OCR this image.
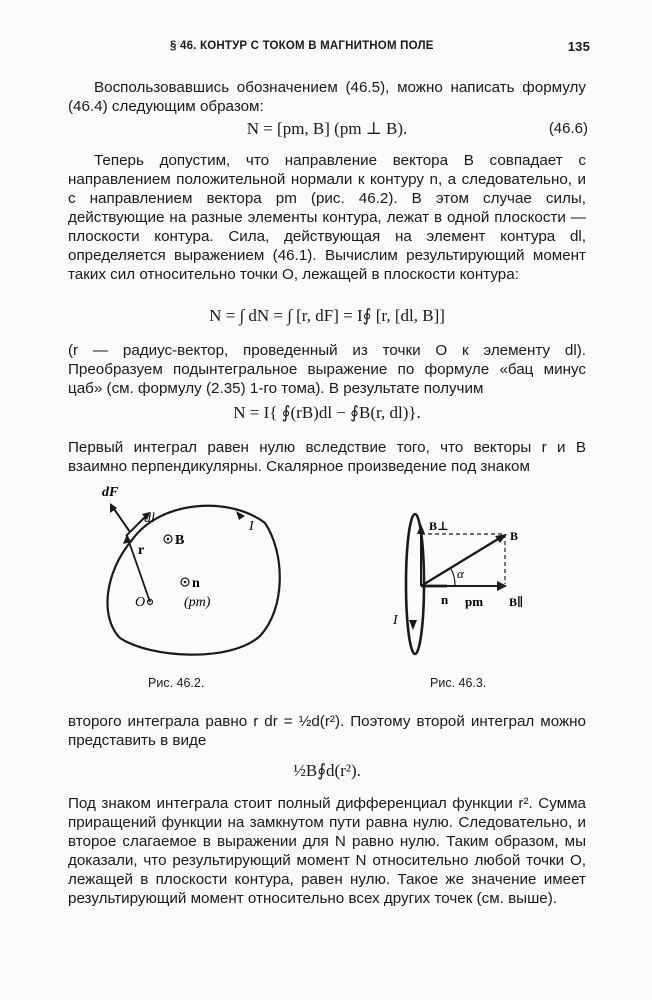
§ 46. КОНТУР С ТОКОМ В МАГНИТНОМ ПОЛЕ	135

Воспользовавшись обозначением (46.5), можно написать формулу (46.4) следующим образом:

N = [pm, B] (pm ⊥ B).	(46.6)

Теперь допустим, что направление вектора B совпадает с направлением положительной нормали к контуру n, а следовательно, и с направлением вектора pm (рис. 46.2). В этом случае силы, действующие на разные элементы контура, лежат в одной плоскости — плоскости контура. Сила, действующая на элемент контура dl, определяется выражением (46.1). Вычислим результирующий момент таких сил относительно точки O, лежащей в плоскости контура:

N = ∫ dN = ∫ [r, dF] = I∮ [r, [dl, B]]

(r — радиус-вектор, проведенный из точки O к элементу dl). Преобразуем подынтегральное выражение по формуле «бац минус цаб» (см. формулу (2.35) 1-го тома). В результате получим

N = I{ ∮(rB)dl − ∮B(r, dl)}.

Первый интеграл равен нулю вследствие того, что векторы r и B взаимно перпендикулярны. Скалярное произведение под знаком

dF
dl
I
r
B
n
(pm)
O
B⊥
B
α
n pm B∥
I
Рис. 46.2.	Рис. 46.3.

второго интеграла равно r dr = ½d(r²). Поэтому второй интеграл можно представить в виде

½B∮d(r²).

Под знаком интеграла стоит полный дифференциал функции r². Сумма приращений функции на замкнутом пути равна нулю. Следовательно, и второе слагаемое в выражении для N равно нулю. Таким образом, мы доказали, что результирующий момент N относительно любой точки O, лежащей в плоскости контура, равен нулю. Такое же значение имеет результирующий момент относительно всех других точек (см. выше).
